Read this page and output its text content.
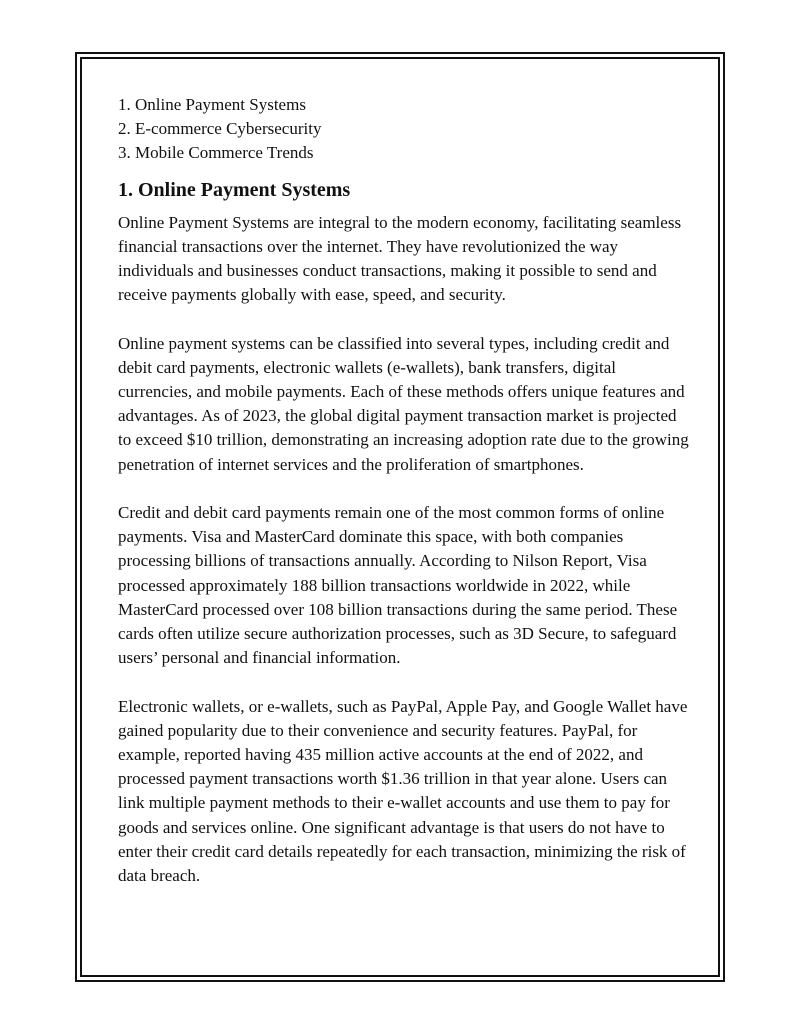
1. Online Payment Systems
2. E-commerce Cybersecurity
3. Mobile Commerce Trends
1. Online Payment Systems

Online Payment Systems are integral to the modern economy, facilitating seamless financial transactions over the internet. They have revolutionized the way individuals and businesses conduct transactions, making it possible to send and receive payments globally with ease, speed, and security.

Online payment systems can be classified into several types, including credit and debit card payments, electronic wallets (e-wallets), bank transfers, digital currencies, and mobile payments. Each of these methods offers unique features and advantages. As of 2023, the global digital payment transaction market is projected to exceed $10 trillion, demonstrating an increasing adoption rate due to the growing penetration of internet services and the proliferation of smartphones.

Credit and debit card payments remain one of the most common forms of online payments. Visa and MasterCard dominate this space, with both companies processing billions of transactions annually. According to Nilson Report, Visa processed approximately 188 billion transactions worldwide in 2022, while MasterCard processed over 108 billion transactions during the same period. These cards often utilize secure authorization processes, such as 3D Secure, to safeguard users’ personal and financial information.

Electronic wallets, or e-wallets, such as PayPal, Apple Pay, and Google Wallet have gained popularity due to their convenience and security features. PayPal, for example, reported having 435 million active accounts at the end of 2022, and processed payment transactions worth $1.36 trillion in that year alone. Users can link multiple payment methods to their e-wallet accounts and use them to pay for goods and services online. One significant advantage is that users do not have to enter their credit card details repeatedly for each transaction, minimizing the risk of data breach.
